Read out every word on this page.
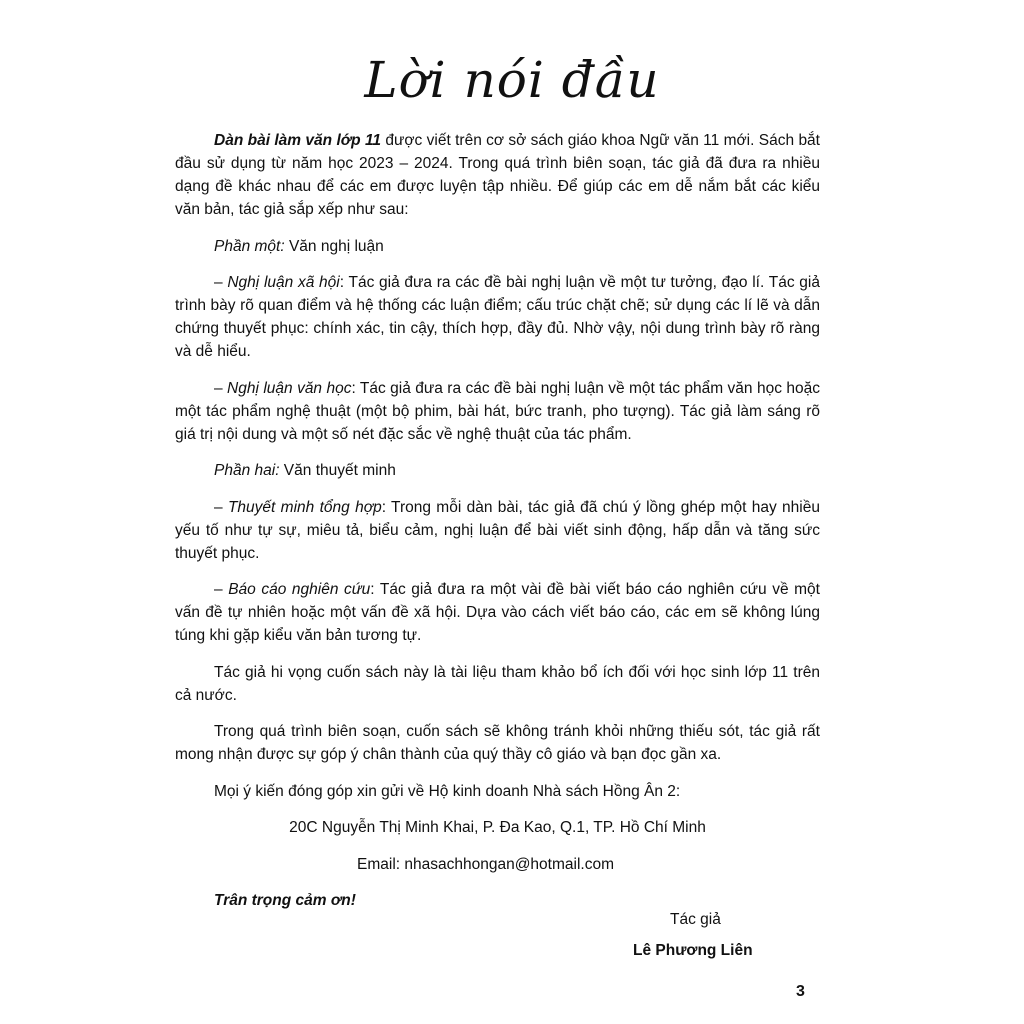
Lời nói đầu

Dàn bài làm văn lớp 11 được viết trên cơ sở sách giáo khoa Ngữ văn 11 mới. Sách bắt đầu sử dụng từ năm học 2023 – 2024. Trong quá trình biên soạn, tác giả đã đưa ra nhiều dạng đề khác nhau để các em được luyện tập nhiều. Để giúp các em dễ nắm bắt các kiểu văn bản, tác giả sắp xếp như sau:

Phần một: Văn nghị luận

– Nghị luận xã hội: Tác giả đưa ra các đề bài nghị luận về một tư tưởng, đạo lí. Tác giả trình bày rõ quan điểm và hệ thống các luận điểm; cấu trúc chặt chẽ; sử dụng các lí lẽ và dẫn chứng thuyết phục: chính xác, tin cậy, thích hợp, đầy đủ. Nhờ vậy, nội dung trình bày rõ ràng và dễ hiểu.

– Nghị luận văn học: Tác giả đưa ra các đề bài nghị luận về một tác phẩm văn học hoặc một tác phẩm nghệ thuật (một bộ phim, bài hát, bức tranh, pho tượng). Tác giả làm sáng rõ giá trị nội dung và một số nét đặc sắc về nghệ thuật của tác phẩm.

Phần hai: Văn thuyết minh

– Thuyết minh tổng hợp: Trong mỗi dàn bài, tác giả đã chú ý lồng ghép một hay nhiều yếu tố như tự sự, miêu tả, biểu cảm, nghị luận để bài viết sinh động, hấp dẫn và tăng sức thuyết phục.

– Báo cáo nghiên cứu: Tác giả đưa ra một vài đề bài viết báo cáo nghiên cứu về một vấn đề tự nhiên hoặc một vấn đề xã hội. Dựa vào cách viết báo cáo, các em sẽ không lúng túng khi gặp kiểu văn bản tương tự.

Tác giả hi vọng cuốn sách này là tài liệu tham khảo bổ ích đối với học sinh lớp 11 trên cả nước.

Trong quá trình biên soạn, cuốn sách sẽ không tránh khỏi những thiếu sót, tác giả rất mong nhận được sự góp ý chân thành của quý thầy cô giáo và bạn đọc gần xa.

Mọi ý kiến đóng góp xin gửi về Hộ kinh doanh Nhà sách Hồng Ân 2:

20C Nguyễn Thị Minh Khai, P. Đa Kao, Q.1, TP. Hồ Chí Minh
Email: nhasachhongan@hotmail.com
Trân trọng cảm ơn!
Tác giả
Lê Phương Liên
3
